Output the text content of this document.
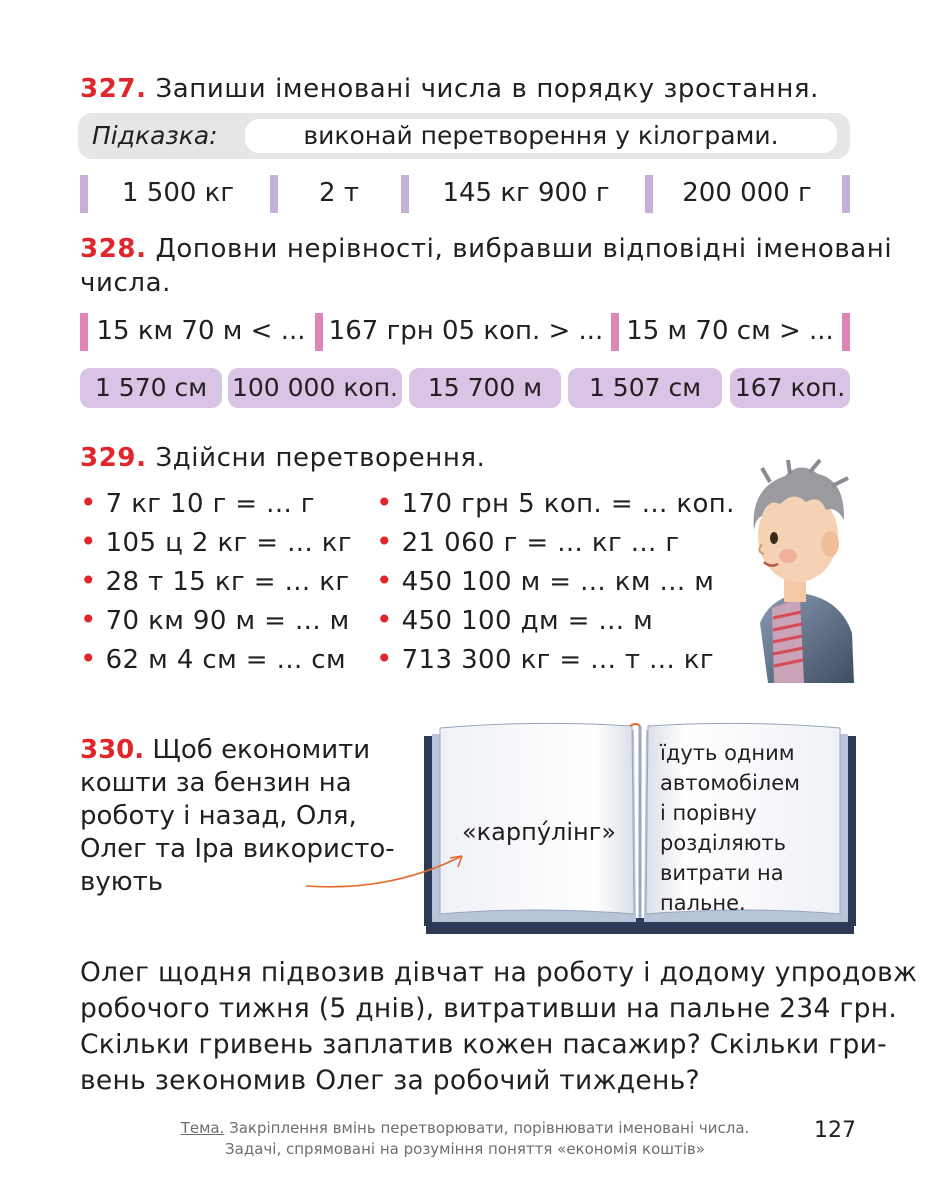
327. Запиши іменовані числа в порядку зростання.
Підказка:	виконай перетворення у кілограми.
1 500 кг	2 т	145 кг 900 г	200 000 г
328. Доповни нерівності, вибравши відповідні іменовані
числа.
15 км 70 м < ... 167 грн 05 коп. > ... 15 м 70 см > ...
1 570 см 100 000 коп.	15 700 м	1 507 см	167 коп.
329. Здійсни перетворення.
• 7 кг 10 г = ... г
• 105 ц 2 кг = ... кг
• 28 т 15 кг = ... кг
• 70 км 90 м = ... м
• 62 м 4 см = ... см
• 170 грн 5 коп. = ... коп.
• 21 060 г = ... кг ... г
• 450 100 м = ... км ... м
• 450 100 дм = ... м
• 713 300 кг = ... т ... кг
330. Щоб економити
кошти за бензин на
роботу і назад, Оля,
Олег та Іра використо-
вують
«карпу́лінг»
їдуть одним
автомобілем
і порівну
розділяють
витрати на
пальне.
Олег щодня підвозив дівчат на роботу і додому упродовж
робочого тижня (5 днів), витративши на пальне 234 грн.
Скільки гривень заплатив кожен пасажир? Скільки гри-
вень зекономив Олег за робочий тиждень?
Тема. Закріплення вмінь перетворювати, порівнювати іменовані числа.
Задачі, спрямовані на розуміння поняття «економія коштів»
127
